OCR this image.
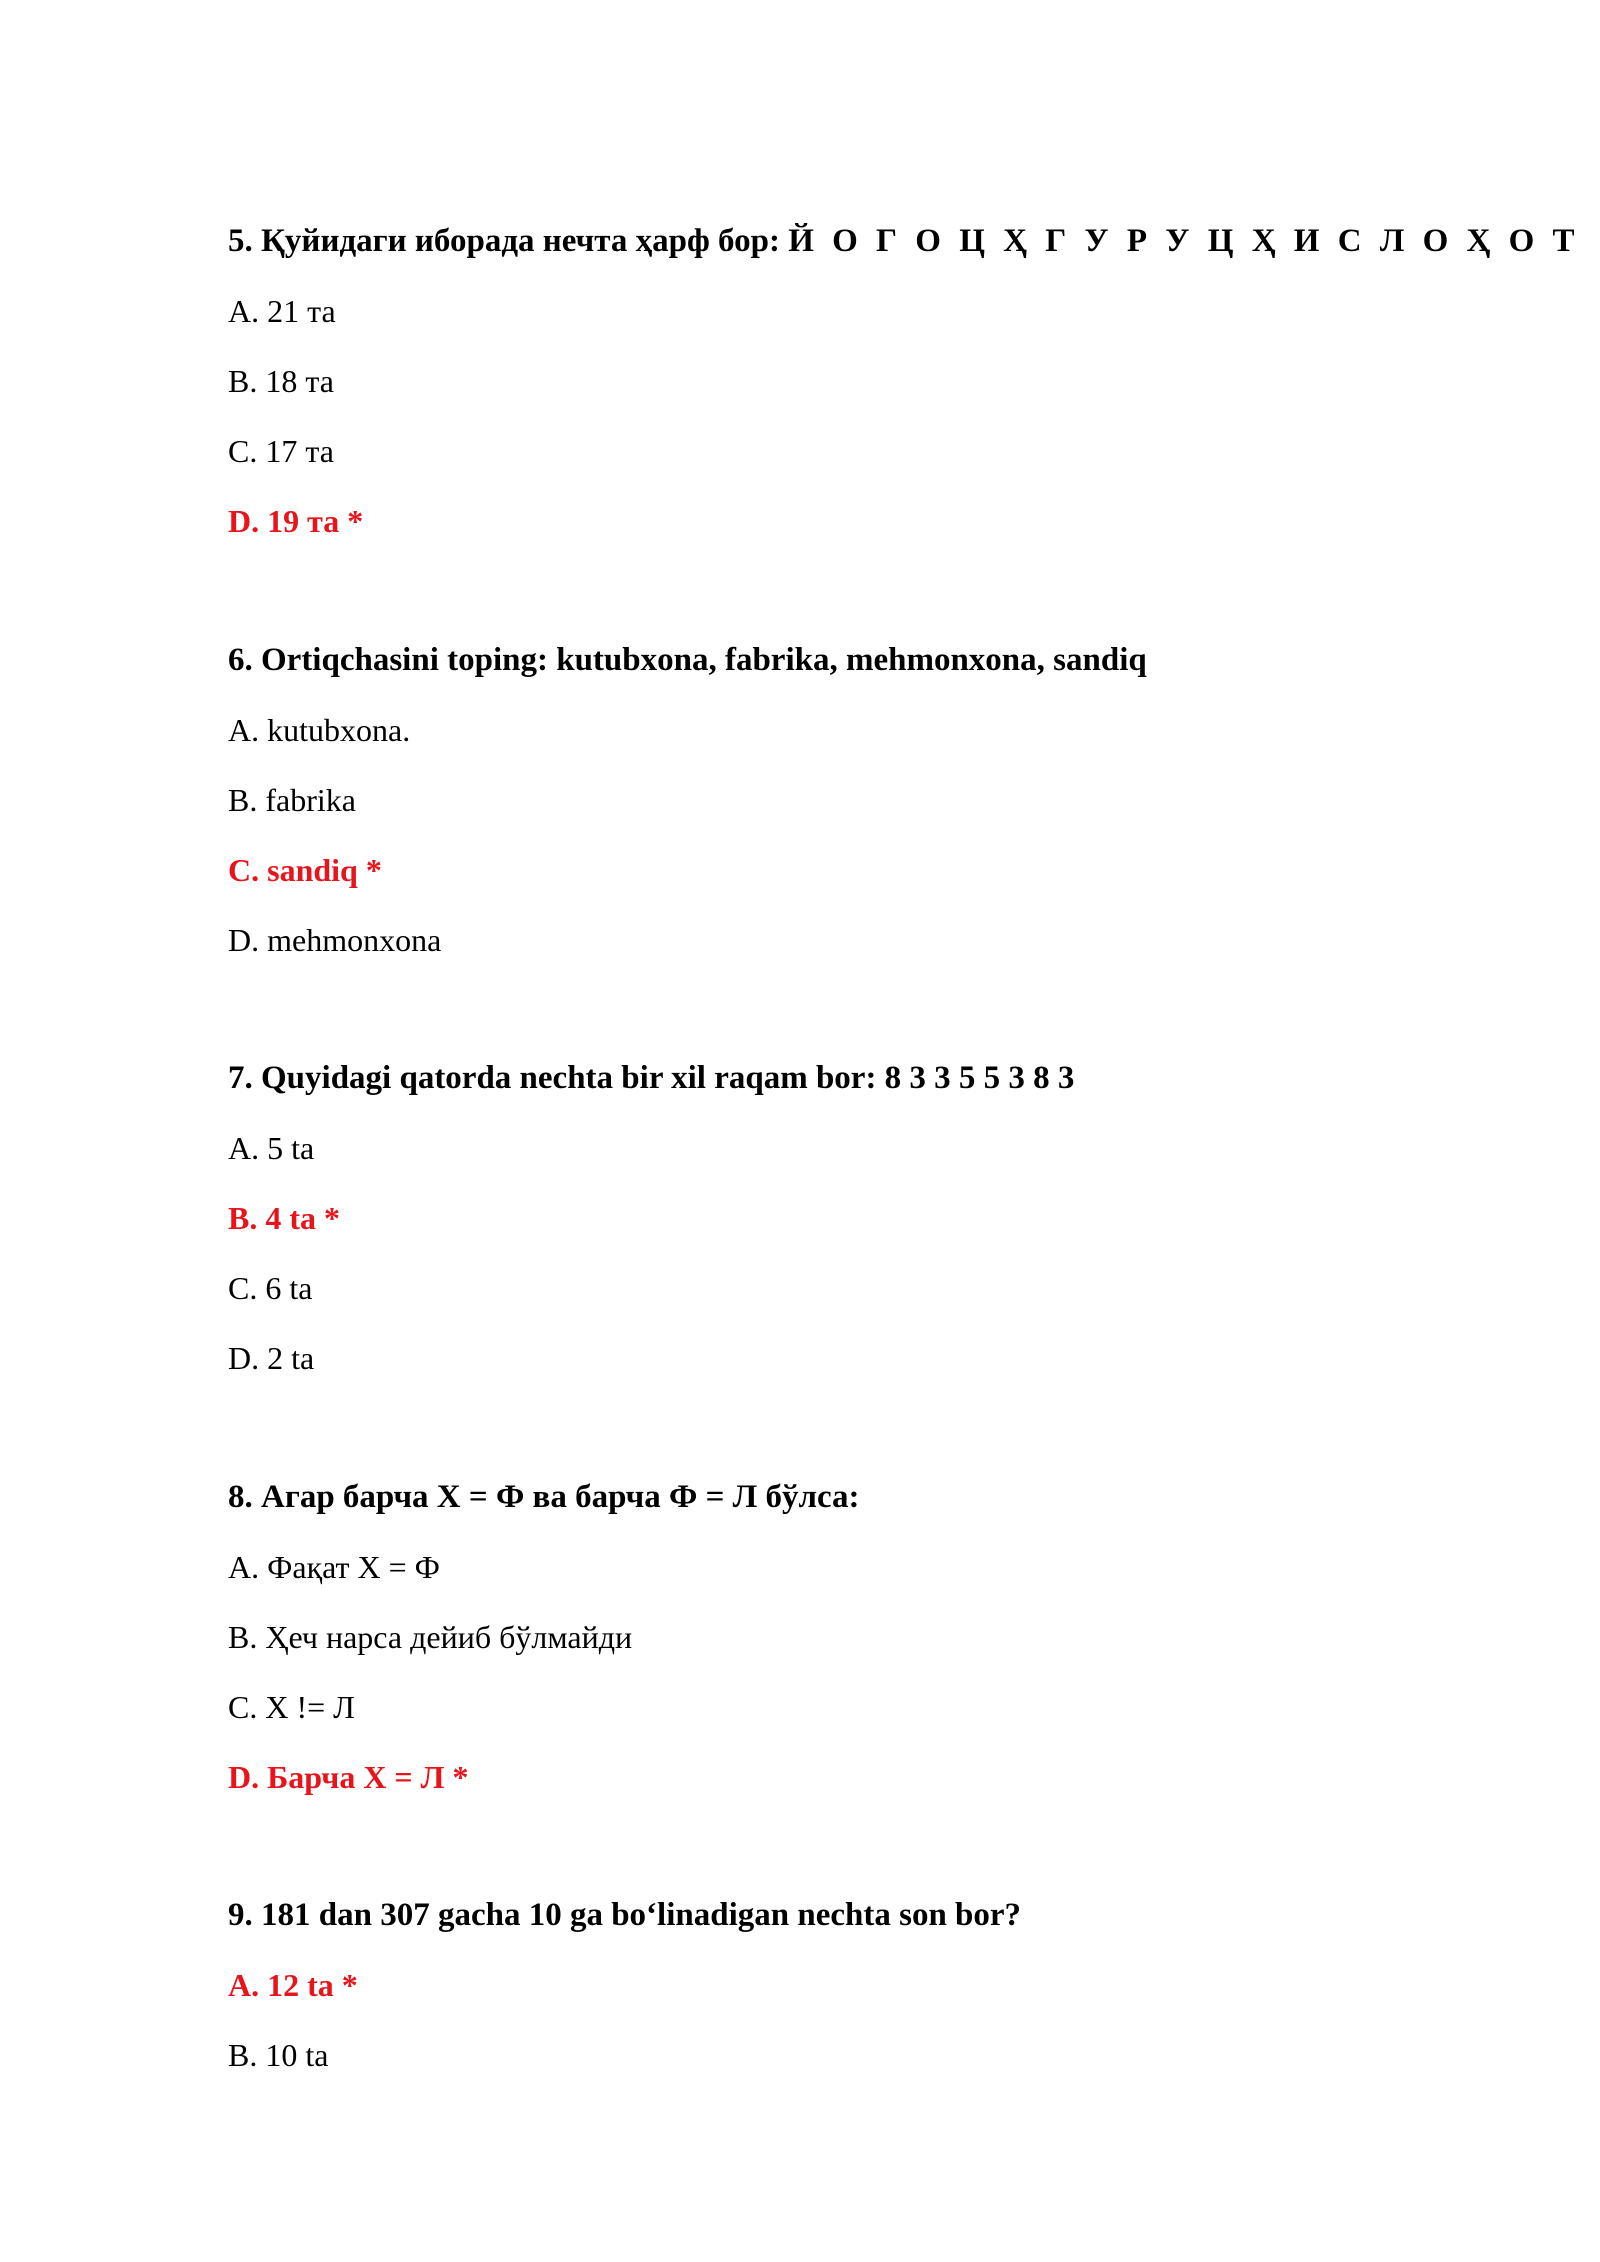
5. Қуйидаги иборада нечта ҳарф бор: Й О Г О Ц Ҳ Г У Р У Ц Ҳ И С Л О Ҳ О Т

A. 21 та
B. 18 та
C. 17 та
D. 19 та *

6. Ortiqchasini toping: kutubxona, fabrika, mehmonxona, sandiq

A. kutubxona.
B. fabrika
C. sandiq *
D. mehmonxona

7. Quyidagi qatorda nechta bir xil raqam bor: 8 3 3 5 5 3 8 3

A. 5 ta
B. 4 ta *
C. 6 ta
D. 2 ta

8. Агар барча X = Ф ва барча Ф = Л бўлса:

A. Фақат X = Ф
B. Ҳеч нарса дейиб бўлмайди
C. X != Л
D. Барча X = Л *

9. 181 dan 307 gacha 10 ga bo‘linadigan nechta son bor?

A. 12 ta *
B. 10 ta
